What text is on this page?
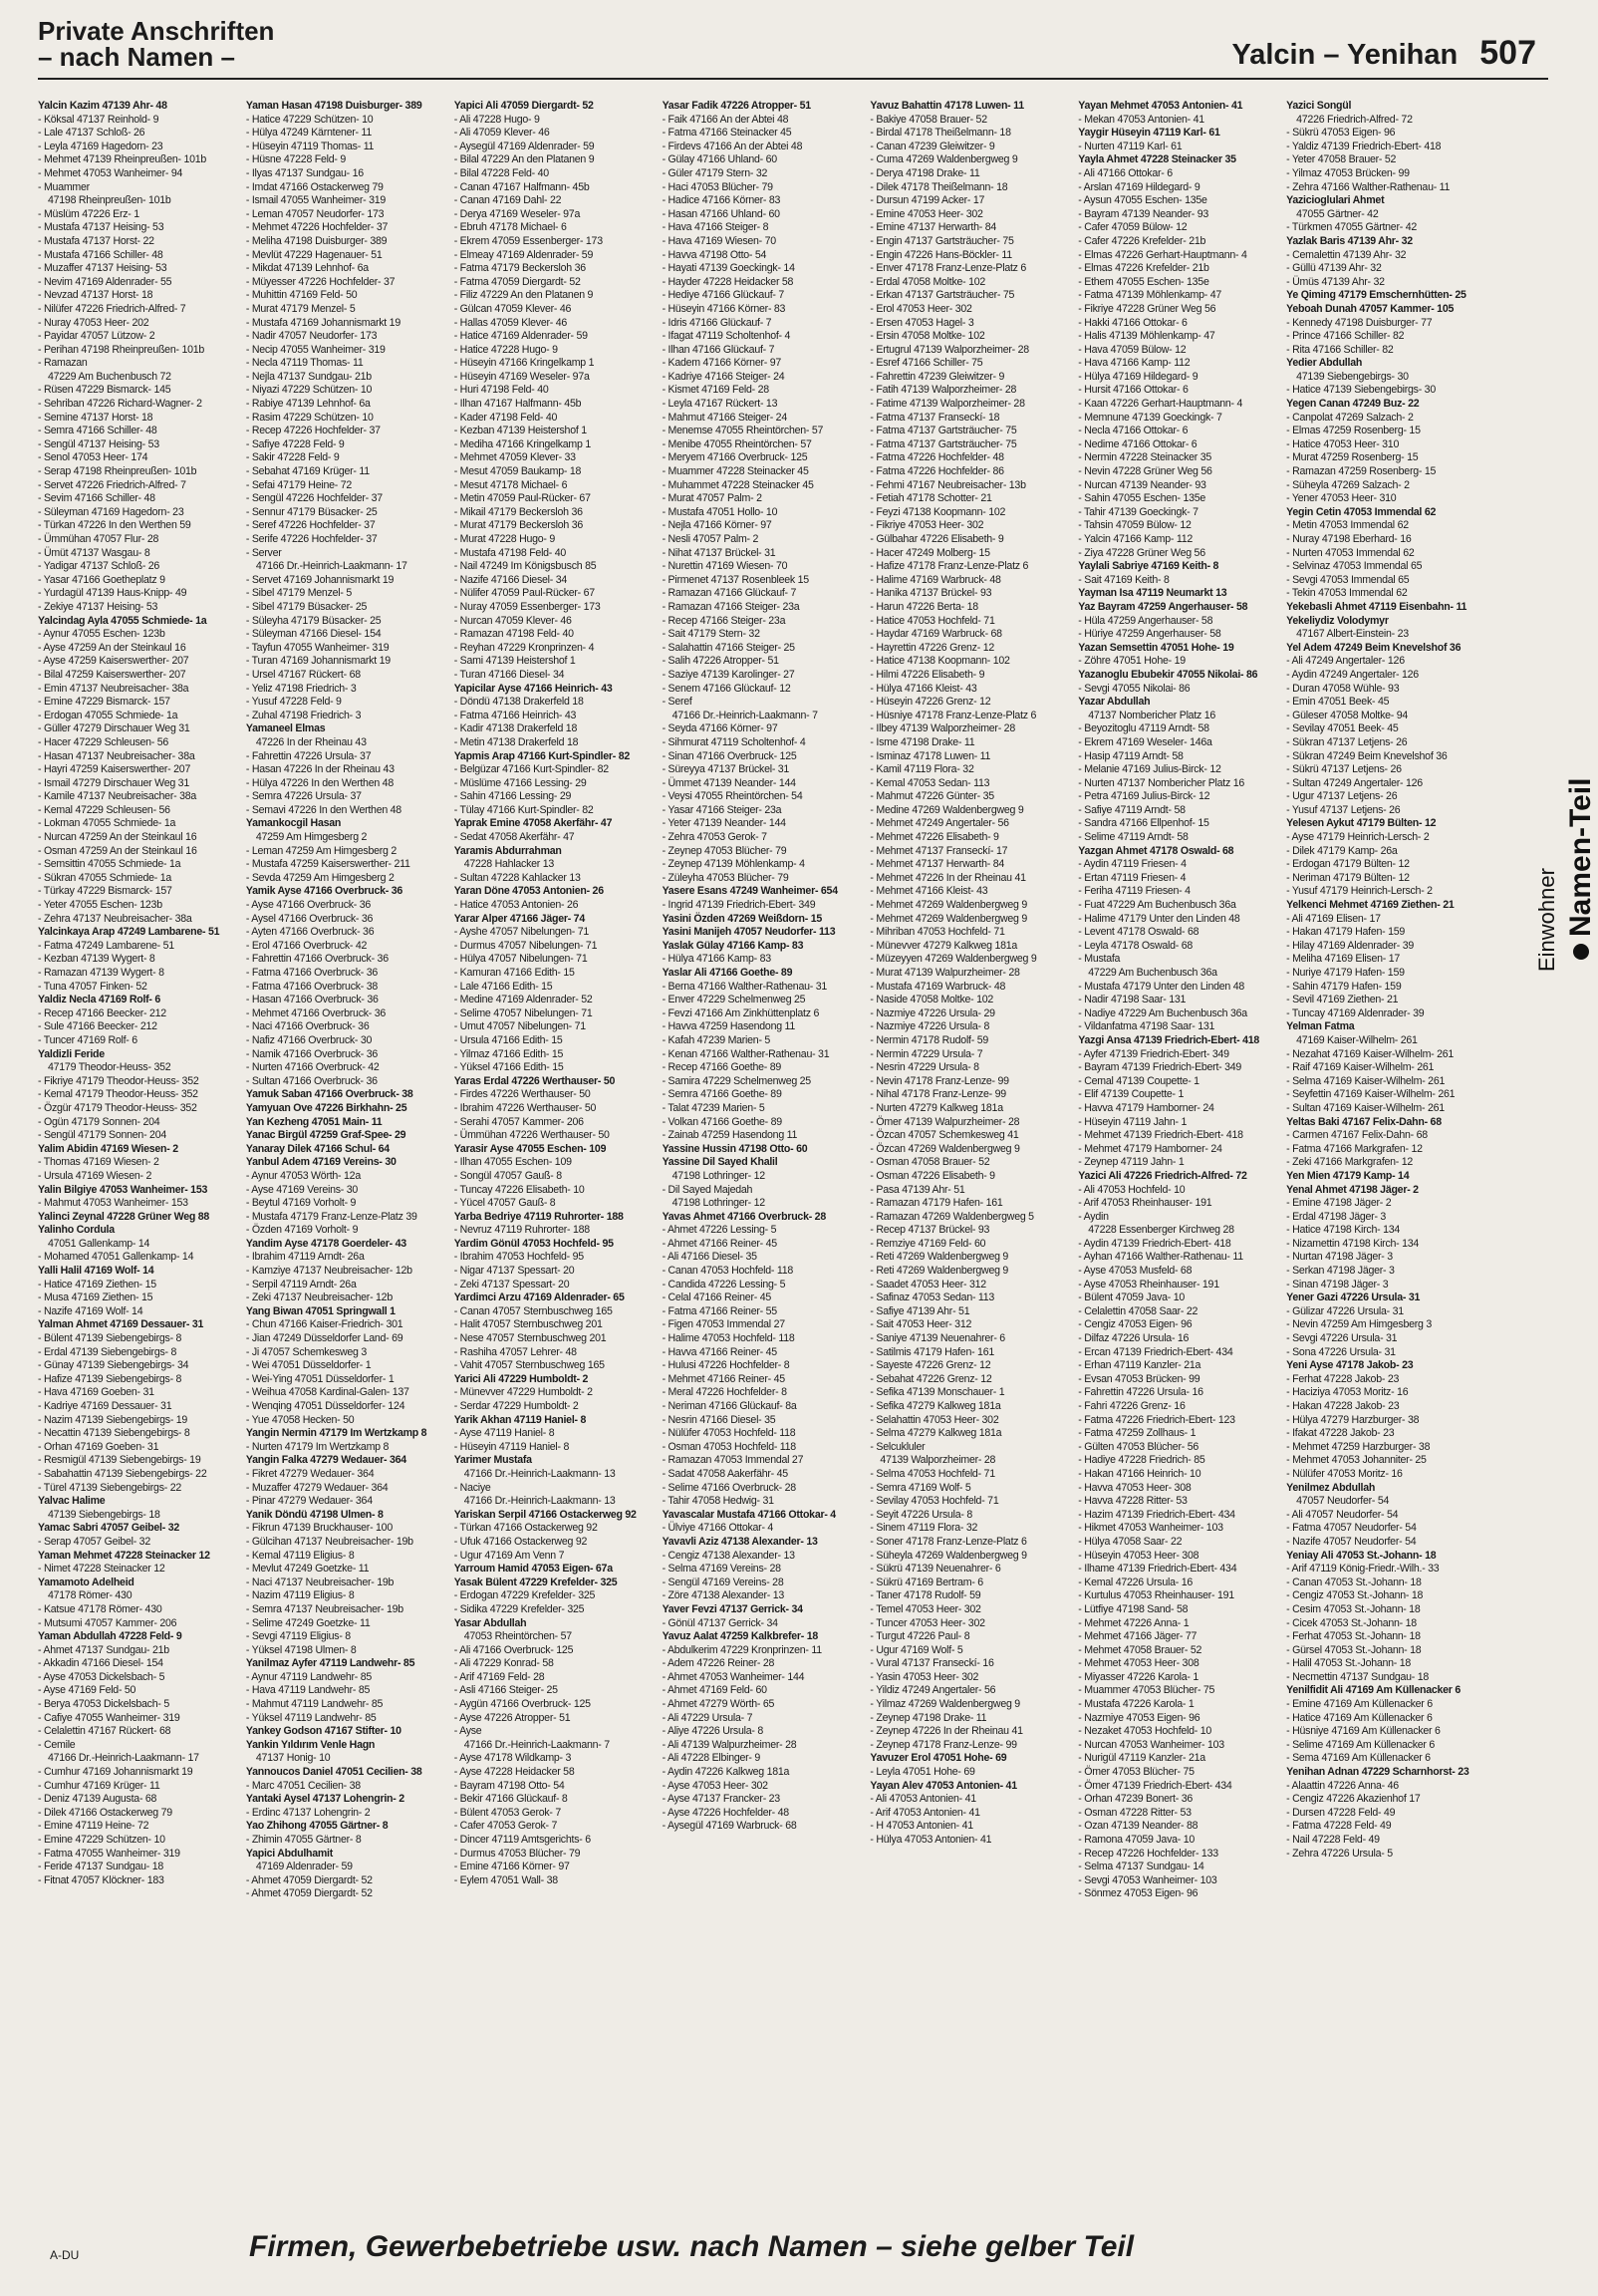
Private Anschriften
– nach Namen –	Yalcin – Yenihan 507
Yalcin Kazim 47139 Ahr- 48
- Köksal 47137 Reinhold- 9
- Lale 47137 Schloß- 26
- Leyla 47169 Hagedorn- 23
- Mehmet 47139 Rheinpreußen- 101b
- Mehmet 47053 Wanheimer- 94
- Muammer
47198 Rheinpreußen- 101b
- Müslüm 47226 Erz- 1
- Mustafa 47137 Heising- 53
- Mustafa 47137 Horst- 22
- Mustafa 47166 Schiller- 48
- Muzaffer 47137 Heising- 53
- Nevim 47169 Aldenrader- 55
- Nevzad 47137 Horst- 18
- Nilüfer 47226 Friedrich-Alfred- 7
- Nuray 47053 Heer- 202
- Payidar 47057 Lützow- 2
- Perihan 47198 Rheinpreußen- 101b
- Ramazan
47229 Am Buchenbusch 72
- Rüsen 47229 Bismarck- 145
- Sehriban 47226 Richard-Wagner- 2
- Semine 47137 Horst- 18
- Semra 47166 Schiller- 48
- Sengül 47137 Heising- 53
- Senol 47053 Heer- 174
- Serap 47198 Rheinpreußen- 101b
- Servet 47226 Friedrich-Alfred- 7
- Sevim 47166 Schiller- 48
- Süleyman 47169 Hagedorn- 23
- Türkan 47226 In den Werthen 59
- Ümmühan 47057 Flur- 28
- Ümüt 47137 Wasgau- 8
- Yadigar 47137 Schloß- 26
- Yasar 47166 Goetheplatz 9
- Yurdagül 47139 Haus-Knipp- 49
- Zekiye 47137 Heising- 53
Yalcindag Ayla 47055 Schmiede- 1a
- Aynur 47055 Eschen- 123b
- Ayse 47259 An der Steinkaul 16
- Ayse 47259 Kaiserswerther- 207
- Bilal 47259 Kaiserswerther- 207
- Emin 47137 Neubreisacher- 38a
- Emine 47229 Bismarck- 157
- Erdogan 47055 Schmiede- 1a
- Güller 47279 Dirschauer Weg 31
- Hacer 47229 Schleusen- 56
- Hasan 47137 Neubreisacher- 38a
- Hayri 47259 Kaiserswerther- 207
- Ismail 47279 Dirschauer Weg 31
- Kamile 47137 Neubreisacher- 38a
- Kemal 47229 Schleusen- 56
- Lokman 47055 Schmiede- 1a
- Nurcan 47259 An der Steinkaul 16
- Osman 47259 An der Steinkaul 16
- Semsittin 47055 Schmiede- 1a
- Sükran 47055 Schmiede- 1a
- Türkay 47229 Bismarck- 157
- Yeter 47055 Eschen- 123b
- Zehra 47137 Neubreisacher- 38a
Yalcinkaya Arap 47249 Lambarene- 51
- Fatma 47249 Lambarene- 51
- Kezban 47139 Wygert- 8
- Ramazan 47139 Wygert- 8
- Tuna 47057 Finken- 52
Yaldiz Necla 47169 Rolf- 6
- Recep 47166 Beecker- 212
- Sule 47166 Beecker- 212
- Tuncer 47169 Rolf- 6
Yaldizli Feride
47179 Theodor-Heuss- 352
- Fikriye 47179 Theodor-Heuss- 352
- Kemal 47179 Theodor-Heuss- 352
- Özgür 47179 Theodor-Heuss- 352
- Ogün 47179 Sonnen- 204
- Sengül 47179 Sonnen- 204
Yalim Abidin 47169 Wiesen- 2
- Thomas 47169 Wiesen- 2
- Ursula 47169 Wiesen- 2
Yalin Bilgiye 47053 Wanheimer- 153
- Mahmut 47053 Wanheimer- 153
Yalinci Zeynal 47228 Grüner Weg 88
Yalinho Cordula
47051 Gallenkamp- 14
- Mohamed 47051 Gallenkamp- 14
Yalli Halil 47169 Wolf- 14
- Hatice 47169 Ziethen- 15
- Musa 47169 Ziethen- 15
- Nazife 47169 Wolf- 14
Yalman Ahmet 47169 Dessauer- 31
- Bülent 47139 Siebengebirgs- 8
- Erdal 47139 Siebengebirgs- 8
- Günay 47139 Siebengebirgs- 34
- Hafize 47139 Siebengebirgs- 8
- Hava 47169 Goeben- 31
- Kadriye 47169 Dessauer- 31
- Nazim 47139 Siebengebirgs- 19
- Necattin 47139 Siebengebirgs- 8
- Orhan 47169 Goeben- 31
- Resmigül 47139 Siebengebirgs- 19
- Sabahattin 47139 Siebengebirgs- 22
- Türel 47139 Siebengebirgs- 22
Yalvac Halime
47139 Siebengebirgs- 18
Yamac Sabri 47057 Geibel- 32
- Serap 47057 Geibel- 32
Yaman Mehmet 47228 Steinacker 12
- Nimet 47228 Steinacker 12
Yamamoto Adelheid
47178 Römer- 430
- Katsue 47178 Römer- 430
- Mutsumi 47057 Kammer- 206
Yaman Abdullah 47228 Feld- 9
- Ahmet 47137 Sundgau- 21b
- Akkadin 47166 Diesel- 154
- Ayse 47053 Dickelsbach- 5
- Ayse 47169 Feld- 50
- Berya 47053 Dickelsbach- 5
- Cafiye 47055 Wanheimer- 319
- Celalettin 47167 Rückert- 68
- Cemile
47166 Dr.-Heinrich-Laakmann- 17
- Cumhur 47169 Johannismarkt 19
- Cumhur 47169 Krüger- 11
- Deniz 47139 Augusta- 68
- Dilek 47166 Ostackerweg 79
- Emine 47119 Heine- 72
- Emine 47229 Schützen- 10
- Fatma 47055 Wanheimer- 319
- Feride 47137 Sundgau- 18
- Fitnat 47057 Klöckner- 183
Yaman Hasan 47198 Duisburger- 389
- Hatice 47229 Schützen- 10
- Hülya 47249 Kärntener- 11
- Hüseyin 47119 Thomas- 11
- Hüsne 47228 Feld- 9
- Ilyas 47137 Sundgau- 16
- Imdat 47166 Ostackerweg 79
- Ismail 47055 Wanheimer- 319
- Leman 47057 Neudorfer- 173
- Mehmet 47226 Hochfelder- 37
- Meliha 47198 Duisburger- 389
- Mevlüt 47229 Hagenauer- 51
- Mikdat 47139 Lehnhof- 6a
- Müyesser 47226 Hochfelder- 37
- Muhittin 47169 Feld- 50
- Murat 47179 Menzel- 5
- Mustafa 47169 Johannismarkt 19
- Nadir 47057 Neudorfer- 173
- Necip 47055 Wanheimer- 319
- Necla 47119 Thomas- 11
- Nejla 47137 Sundgau- 21b
- Niyazi 47229 Schützen- 10
- Rabiye 47139 Lehnhof- 6a
- Rasim 47229 Schützen- 10
- Recep 47226 Hochfelder- 37
- Safiye 47228 Feld- 9
- Sakir 47228 Feld- 9
- Sebahat 47169 Krüger- 11
- Sefai 47179 Heine- 72
- Sengül 47226 Hochfelder- 37
- Sennur 47179 Büsacker- 25
- Seref 47226 Hochfelder- 37
- Serife 47226 Hochfelder- 37
- Server
47166 Dr.-Heinrich-Laakmann- 17
- Servet 47169 Johannismarkt 19
- Sibel 47179 Menzel- 5
- Sibel 47179 Büsacker- 25
- Süleyha 47179 Büsacker- 25
- Süleyman 47166 Diesel- 154
- Tayfun 47055 Wanheimer- 319
- Turan 47169 Johannismarkt 19
- Ursel 47167 Rückert- 68
- Yeliz 47198 Friedrich- 3
- Yusuf 47228 Feld- 9
- Zuhal 47198 Friedrich- 3
Yamaneel Elmas
47226 In der Rheinau 43
- Fahrettin 47226 Ursula- 37
- Hasan 47226 In der Rheinau 43
- Hülya 47226 In den Werthen 48
- Semra 47226 Ursula- 37
- Semavi 47226 In den Werthen 48
Yamankocgil Hasan
47259 Am Himgesberg 2
- Leman 47259 Am Himgesberg 2
- Mustafa 47259 Kaiserswerther- 211
- Sevda 47259 Am Himgesberg 2
Yamik Ayse 47166 Overbruck- 36
- Ayse 47166 Overbruck- 36
- Aysel 47166 Overbruck- 36
- Ayten 47166 Overbruck- 36
- Erol 47166 Overbruck- 42
- Fahrettin 47166 Overbruck- 36
- Fatma 47166 Overbruck- 36
- Fatma 47166 Overbruck- 38
- Hasan 47166 Overbruck- 36
- Mehmet 47166 Overbruck- 36
- Naci 47166 Overbruck- 36
- Nafiz 47166 Overbruck- 30
- Namik 47166 Overbruck- 36
- Nurten 47166 Overbruck- 42
- Sultan 47166 Overbruck- 36
Yamuk Saban 47166 Overbruck- 38
Yamyuan Ove 47226 Birkhahn- 25
Yan Kezheng 47051 Main- 11
Yanac Birgül 47259 Graf-Spee- 29
Yanaray Dilek 47166 Schul- 64
Yanbul Adem 47169 Vereins- 30
- Aynur 47053 Wörth- 12a
- Ayse 47169 Vereins- 30
- Beytul 47169 Vorholt- 9
- Mustafa 47179 Franz-Lenze-Platz 39
- Özden 47169 Vorholt- 9
Yandim Ayse 47178 Goerdeler- 43
- Ibrahim 47119 Arndt- 26a
- Kamziye 47137 Neubreisacher- 12b
- Serpil 47119 Arndt- 26a
- Zeki 47137 Neubreisacher- 12b
Yang Biwan 47051 Springwall 1
- Chun 47166 Kaiser-Friedrich- 301
- Jian 47249 Düsseldorfer Land- 69
- Ji 47057 Schemkesweg 3
- Wei 47051 Düsseldorfer- 1
- Wei-Ying 47051 Düsseldorfer- 1
- Weihua 47058 Kardinal-Galen- 137
- Wenqing 47051 Düsseldorfer- 124
- Yue 47058 Hecken- 50
Yangin Nermin 47179 Im Wertzkamp 8
- Nurten 47179 Im Wertzkamp 8
Yangin Falka 47279 Wedauer- 364
- Fikret 47279 Wedauer- 364
- Muzaffer 47279 Wedauer- 364
- Pinar 47279 Wedauer- 364
Yanik Döndü 47198 Ulmen- 8
- Fikrun 47139 Bruckhauser- 100
- Gülcihan 47137 Neubreisacher- 19b
- Kemal 47119 Eligius- 8
- Mevlut 47249 Goetzke- 11
- Naci 47137 Neubreisacher- 19b
- Nazim 47119 Eligius- 8
- Semra 47137 Neubreisacher- 19b
- Selime 47249 Goetzke- 11
- Sevgi 47119 Eligius- 8
- Yüksel 47198 Ulmen- 8
Yanilmaz Ayfer 47119 Landwehr- 85
- Aynur 47119 Landwehr- 85
- Hava 47119 Landwehr- 85
- Mahmut 47119 Landwehr- 85
- Yüksel 47119 Landwehr- 85
Yankey Godson 47167 Stifter- 10
Yankin Yıldırım Venle Hagn
47137 Honig- 10
Yannoucos Daniel 47051 Cecilien- 38
- Marc 47051 Cecilien- 38
Yantaki Aysel 47137 Lohengrin- 2
- Erdinc 47137 Lohengrin- 2
Yao Zhihong 47055 Gärtner- 8
- Zhimin 47055 Gärtner- 8
Yapici Abdulhamit
47169 Aldenrader- 59
- Ahmet 47059 Diergardt- 52
- Ahmet 47059 Diergardt- 52
Yapici Ali 47059 Diergardt- 52
- Ali 47228 Hugo- 9
- Ali 47059 Klever- 46
- Aysegül 47169 Aldenrader- 59
- Bilal 47229 An den Platanen 9
- Bilal 47228 Feld- 40
- Canan 47167 Halfmann- 45b
- Canan 47169 Dahl- 22
- Derya 47169 Weseler- 97a
- Ebruh 47178 Michael- 6
- Ekrem 47059 Essenberger- 173
- Elmeay 47169 Aldenrader- 59
- Fatma 47179 Beckersloh 36
- Fatma 47059 Diergardt- 52
- Filiz 47229 An den Platanen 9
- Gülcan 47059 Klever- 46
- Hallas 47059 Klever- 46
- Hatice 47169 Aldenrader- 59
- Hatice 47228 Hugo- 9
- Hüseyin 47166 Kringelkamp 1
- Hüseyin 47169 Weseler- 97a
- Huri 47198 Feld- 40
- Ilhan 47167 Halfmann- 45b
- Kader 47198 Feld- 40
- Kezban 47139 Heistershof 1
- Mediha 47166 Kringelkamp 1
- Mehmet 47059 Klever- 33
- Mesut 47059 Baukamp- 18
- Mesut 47178 Michael- 6
- Metin 47059 Paul-Rücker- 67
- Mikail 47179 Beckersloh 36
- Murat 47179 Beckersloh 36
- Murat 47228 Hugo- 9
- Mustafa 47198 Feld- 40
- Nail 47249 Im Königsbusch 85
- Nazife 47166 Diesel- 34
- Nülifer 47059 Paul-Rücker- 67
- Nuray 47059 Essenberger- 173
- Nurcan 47059 Klever- 46
- Ramazan 47198 Feld- 40
- Reyhan 47229 Kronprinzen- 4
- Sami 47139 Heistershof 1
- Turan 47166 Diesel- 34
Yapicilar Ayse 47166 Heinrich- 43
- Döndü 47138 Drakerfeld 18
- Fatma 47166 Heinrich- 43
- Kadir 47138 Drakerfeld 18
- Metin 47138 Drakerfeld 18
Yapmis Arap 47166 Kurt-Spindler- 82
- Belgüzar 47166 Kurt-Spindler- 82
- Müslüme 47166 Lessing- 29
- Sahin 47166 Lessing- 29
- Tülay 47166 Kurt-Spindler- 82
Yaprak Emine 47058 Akerfähr- 47
- Sedat 47058 Akerfähr- 47
Yaramis Abdurrahman
47228 Hahlacker 13
- Sultan 47228 Kahlacker 13
Yaran Döne 47053 Antonien- 26
- Hatice 47053 Antonien- 26
Yarar Alper 47166 Jäger- 74
- Ayshe 47057 Nibelungen- 71
- Durmus 47057 Nibelungen- 71
- Hülya 47057 Nibelungen- 71
- Kamuran 47166 Edith- 15
- Lale 47166 Edith- 15
- Medine 47169 Aldenrader- 52
- Selime 47057 Nibelungen- 71
- Umut 47057 Nibelungen- 71
- Ursula 47166 Edith- 15
- Yilmaz 47166 Edith- 15
- Yüksel 47166 Edith- 15
Yaras Erdal 47226 Werthauser- 50
- Firdes 47226 Werthauser- 50
- Ibrahim 47226 Werthauser- 50
- Serahi 47057 Kammer- 206
- Ümmühan 47226 Werthauser- 50
Yarasir Ayse 47055 Eschen- 109
- Ilhan 47055 Eschen- 109
- Songül 47057 Gauß- 8
- Tuncay 47226 Elisabeth- 10
- Yücel 47057 Gauß- 8
Yarba Bedriye 47119 Ruhrorter- 188
- Nevruz 47119 Ruhrorter- 188
Yardim Gönül 47053 Hochfeld- 95
- Ibrahim 47053 Hochfeld- 95
- Nigar 47137 Spessart- 20
- Zeki 47137 Spessart- 20
Yardimci Arzu 47169 Aldenrader- 65
- Canan 47057 Sternbuschweg 165
- Halit 47057 Sternbuschweg 201
- Nese 47057 Sternbuschweg 201
- Rashiha 47057 Lehrer- 48
- Vahit 47057 Sternbuschweg 165
Yarici Ali 47229 Humboldt- 2
- Münevver 47229 Humboldt- 2
- Serdar 47229 Humboldt- 2
Yarik Akhan 47119 Haniel- 8
- Ayse 47119 Haniel- 8
- Hüseyin 47119 Haniel- 8
Yarimer Mustafa
47166 Dr.-Heinrich-Laakmann- 13
- Naciye
47166 Dr.-Heinrich-Laakmann- 13
Yariskan Serpil 47166 Ostackerweg 92
- Türkan 47166 Ostackerweg 92
- Ufuk 47166 Ostackerweg 92
- Ugur 47169 Am Venn 7
Yarroum Hamid 47053 Eigen- 67a
Yasak Bülent 47229 Krefelder- 325
- Erdogan 47229 Krefelder- 325
- Sidika 47229 Krefelder- 325
Yasar Abdullah
47053 Rheintörchen- 57
- Ali 47166 Overbruck- 125
- Ali 47229 Konrad- 58
- Arif 47169 Feld- 28
- Asli 47166 Steiger- 25
- Aygün 47166 Overbruck- 125
- Ayse 47226 Atropper- 51
- Ayse
47166 Dr.-Heinrich-Laakmann- 7
- Ayse 47178 Wildkamp- 3
- Ayse 47228 Heidacker 58
- Bayram 47198 Otto- 54
- Bekir 47166 Glückauf- 8
- Bülent 47053 Gerok- 7
- Cafer 47053 Gerok- 7
- Dincer 47119 Amtsgerichts- 6
- Durmus 47053 Blücher- 79
- Emine 47166 Körner- 97
- Eylem 47051 Wall- 38
Yasar Fadik 47226 Atropper- 51
- Faik 47166 An der Abtei 48
- Fatma 47166 Steinacker 45
- Firdevs 47166 An der Abtei 48
- Gülay 47166 Uhland- 60
- Güler 47179 Stern- 32
- Haci 47053 Blücher- 79
- Hadice 47166 Körner- 83
- Hasan 47166 Uhland- 60
- Hava 47166 Steiger- 8
- Hava 47169 Wiesen- 70
- Havva 47198 Otto- 54
- Hayati 47139 Goeckingk- 14
- Hayder 47228 Heidacker 58
- Hediye 47166 Glückauf- 7
- Hüseyin 47166 Körner- 83
- Idris 47166 Glückauf- 7
- Ifagat 47119 Scholtenhof- 4
- Ilhan 47166 Glückauf- 7
- Kadem 47166 Körner- 97
- Kadriye 47166 Steiger- 24
- Kismet 47169 Feld- 28
- Leyla 47167 Rückert- 13
- Mahmut 47166 Steiger- 24
- Menemse 47055 Rheintörchen- 57
- Menibe 47055 Rheintörchen- 57
- Meryem 47166 Overbruck- 125
- Muammer 47228 Steinacker 45
- Muhammet 47228 Steinacker 45
- Murat 47057 Palm- 2
- Mustafa 47051 Hollo- 10
- Nejla 47166 Körner- 97
- Nesli 47057 Palm- 2
- Nihat 47137 Brückel- 31
- Nurettin 47169 Wiesen- 70
- Pirmenet 47137 Rosenbleek 15
- Ramazan 47166 Glückauf- 7
- Ramazan 47166 Steiger- 23a
- Recep 47166 Steiger- 23a
- Sait 47179 Stern- 32
- Salahattin 47166 Steiger- 25
- Salih 47226 Atropper- 51
- Saziye 47139 Karolinger- 27
- Senem 47166 Glückauf- 12
- Seref
47166 Dr.-Heinrich-Laakmann- 7
- Seyda 47166 Körner- 97
- Sihmurat 47119 Scholtenhof- 4
- Sinan 47166 Overbruck- 125
- Süreyya 47137 Brückel- 31
- Ümmet 47139 Neander- 144
- Veysi 47055 Rheintörchen- 54
- Yasar 47166 Steiger- 23a
- Yeter 47139 Neander- 144
- Zehra 47053 Gerok- 7
- Zeynep 47053 Blücher- 79
- Zeynep 47139 Möhlenkamp- 4
- Züleyha 47053 Blücher- 79
Yasere Esans 47249 Wanheimer- 654
- Ingrid 47139 Friedrich-Ebert- 349
Yasini Özden 47269 Weißdorn- 15
Yasini Manijeh 47057 Neudorfer- 113
Yaslak Gülay 47166 Kamp- 83
- Hülya 47166 Kamp- 83
Yaslar Ali 47166 Goethe- 89
- Berna 47166 Walther-Rathenau- 31
- Enver 47229 Schelmenweg 25
- Fevzi 47166 Am Zinkhüttenplatz 6
- Havva 47259 Hasendong 11
- Kafah 47239 Marien- 5
- Kenan 47166 Walther-Rathenau- 31
- Recep 47166 Goethe- 89
- Samira 47229 Schelmenweg 25
- Semra 47166 Goethe- 89
- Talat 47239 Marien- 5
- Volkan 47166 Goethe- 89
- Zainab 47259 Hasendong 11
Yassine Hussin 47198 Otto- 60
Yassine Dil Sayed Khalil
47198 Lothringer- 12
- Dil Sayed Majedah
47198 Lothringer- 12
Yavas Ahmet 47166 Overbruck- 28
- Ahmet 47226 Lessing- 5
- Ahmet 47166 Reiner- 45
- Ali 47166 Diesel- 35
- Canan 47053 Hochfeld- 118
- Candida 47226 Lessing- 5
- Celal 47166 Reiner- 45
- Fatma 47166 Reiner- 55
- Figen 47053 Immendal 27
- Halime 47053 Hochfeld- 118
- Havva 47166 Reiner- 45
- Hulusi 47226 Hochfelder- 8
- Mehmet 47166 Reiner- 45
- Meral 47226 Hochfelder- 8
- Neriman 47166 Glückauf- 8a
- Nesrin 47166 Diesel- 35
- Nülüfer 47053 Hochfeld- 118
- Osman 47053 Hochfeld- 118
- Ramazan 47053 Immendal 27
- Sadat 47058 Aakerfähr- 45
- Selime 47166 Overbruck- 28
- Tahir 47058 Hedwig- 31
Yavascalar Mustafa 47166 Ottokar- 4
- Ülviye 47166 Ottokar- 4
Yavavli Aziz 47138 Alexander- 13
- Cengiz 47138 Alexander- 13
- Selma 47169 Vereins- 28
- Sengül 47169 Vereins- 28
- Zöre 47138 Alexander- 13
Yaver Fevzi 47137 Gerrick- 34
- Gönül 47137 Gerrick- 34
Yavuz Aalat 47259 Kalkbrefer- 18
- Abdulkerim 47229 Kronprinzen- 11
- Adem 47226 Reiner- 28
- Ahmet 47053 Wanheimer- 144
- Ahmet 47169 Feld- 60
- Ahmet 47279 Wörth- 65
- Ali 47229 Ursula- 7
- Aliye 47226 Ursula- 8
- Ali 47139 Walpurzheimer- 28
- Ali 47228 Elbinger- 9
- Aydin 47226 Kalkweg 181a
- Ayse 47053 Heer- 302
- Ayse 47137 Francker- 23
- Ayse 47226 Hochfelder- 48
- Aysegül 47169 Warbruck- 68
Yavuz Bahattin 47178 Luwen- 11
- Bakiye 47058 Brauer- 52
- Birdal 47178 Theißelmann- 18
- Canan 47239 Gleiwitzer- 9
- Cuma 47269 Waldenbergweg 9
- Derya 47198 Drake- 11
- Dilek 47178 Theißelmann- 18
- Dursun 47199 Acker- 17
- Emine 47053 Heer- 302
- Emine 47137 Herwarth- 84
- Engin 47137 Gartsträucher- 75
- Engin 47226 Hans-Böckler- 11
- Enver 47178 Franz-Lenze-Platz 6
- Erdal 47058 Moltke- 102
- Erkan 47137 Gartsträucher- 75
- Erol 47053 Heer- 302
- Ersen 47053 Hagel- 3
- Ersin 47058 Moltke- 102
- Ertugrul 47139 Walporzheimer- 28
- Esref 47166 Schiller- 75
- Fahrettin 47239 Gleiwitzer- 9
- Fatih 47139 Walporzheimer- 28
- Fatime 47139 Walporzheimer- 28
- Fatma 47137 Franseckí- 18
- Fatma 47137 Gartsträucher- 75
- Fatma 47137 Gartsträucher- 75
- Fatma 47226 Hochfelder- 48
- Fatma 47226 Hochfelder- 86
- Fehmi 47167 Neubreisacher- 13b
- Fetiah 47178 Schotter- 21
- Feyzi 47138 Koopmann- 102
- Fikriye 47053 Heer- 302
- Gülbahar 47226 Elisabeth- 9
- Hacer 47249 Molberg- 15
- Hafize 47178 Franz-Lenze-Platz 6
- Halime 47169 Warbruck- 48
- Hanika 47137 Brückel- 93
- Harun 47226 Berta- 18
- Hatice 47053 Hochfeld- 71
- Haydar 47169 Warbruck- 68
- Hayrettin 47226 Grenz- 12
- Hatice 47138 Koopmann- 102
- Hilmi 47226 Elisabeth- 9
- Hülya 47166 Kleist- 43
- Hüseyin 47226 Grenz- 12
- Hüsniye 47178 Franz-Lenze-Platz 6
- Ilbey 47139 Walporzheimer- 28
- Isme 47198 Drake- 11
- Isminaz 47178 Luwen- 11
- Kamil 47119 Flora- 32
- Kemal 47053 Sedan- 113
- Mahmut 47226 Günter- 35
- Medine 47269 Waldenbergweg 9
- Mehmet 47249 Angertaler- 56
- Mehmet 47226 Elisabeth- 9
- Mehmet 47137 Franseckí- 17
- Mehmet 47137 Herwarth- 84
- Mehmet 47226 In der Rheinau 41
- Mehmet 47166 Kleist- 43
- Mehmet 47269 Waldenbergweg 9
- Mehmet 47269 Waldenbergweg 9
- Mihriban 47053 Hochfeld- 71
- Münevver 47279 Kalkweg 181a
- Müzeyyen 47269 Waldenbergweg 9
- Murat 47139 Walpurzheimer- 28
- Mustafa 47169 Warbruck- 48
- Naside 47058 Moltke- 102
- Nazmiye 47226 Ursula- 29
- Nazmiye 47226 Ursula- 8
- Nermin 47178 Rudolf- 59
- Nermin 47229 Ursula- 7
- Nesrin 47229 Ursula- 8
- Nevin 47178 Franz-Lenze- 99
- Nihal 47178 Franz-Lenze- 99
- Nurten 47279 Kalkweg 181a
- Ömer 47139 Walpurzheimer- 28
- Özcan 47057 Schemkesweg 41
- Özcan 47269 Waldenbergweg 9
- Osman 47058 Brauer- 52
- Osman 47226 Elisabeth- 9
- Pasa 47139 Ahr- 51
- Ramazan 47179 Hafen- 161
- Ramazan 47269 Waldenbergweg 5
- Recep 47137 Brückel- 93
- Remziye 47169 Feld- 60
- Reti 47269 Waldenbergweg 9
- Reti 47269 Waldenbergweg 9
- Saadet 47053 Heer- 312
- Safinaz 47053 Sedan- 113
- Safiye 47139 Ahr- 51
- Sait 47053 Heer- 312
- Saniye 47139 Neuenahrer- 6
- Satilmis 47179 Hafen- 161
- Sayeste 47226 Grenz- 12
- Sebahat 47226 Grenz- 12
- Sefika 47139 Monschauer- 1
- Sefika 47279 Kalkweg 181a
- Selahattin 47053 Heer- 302
- Selma 47279 Kalkweg 181a
- Selcukluler
47139 Walporzheimer- 28
- Selma 47053 Hochfeld- 71
- Semra 47169 Wolf- 5
- Sevilay 47053 Hochfeld- 71
- Seyit 47226 Ursula- 8
- Sinem 47119 Flora- 32
- Soner 47178 Franz-Lenze-Platz 6
- Süheyla 47269 Waldenbergweg 9
- Sükrü 47139 Neuenahrer- 6
- Sükrü 47169 Bertram- 6
- Taner 47178 Rudolf- 59
- Temel 47053 Heer- 302
- Tuncer 47053 Heer- 302
- Turgut 47226 Paul- 8
- Ugur 47169 Wolf- 5
- Vural 47137 Franseckí- 16
- Yasin 47053 Heer- 302
- Yildiz 47249 Angertaler- 56
- Yilmaz 47269 Waldenbergweg 9
- Zeynep 47198 Drake- 11
- Zeynep 47226 In der Rheinau 41
- Zeynep 47178 Franz-Lenze- 99
Yavuzer Erol 47051 Hohe- 69
- Leyla 47051 Hohe- 69
Yayan Alev 47053 Antonien- 41
- Ali 47053 Antonien- 41
- Arif 47053 Antonien- 41
- H 47053 Antonien- 41
- Hülya 47053 Antonien- 41
Yayan Mehmet 47053 Antonien- 41
- Mekan 47053 Antonien- 41
Yaygir Hüseyin 47119 Karl- 61
- Nurten 47119 Karl- 61
Yayla Ahmet 47228 Steinacker 35
- Ali 47166 Ottokar- 6
- Arslan 47169 Hildegard- 9
- Aysun 47055 Eschen- 135e
- Bayram 47139 Neander- 93
- Cafer 47059 Bülow- 12
- Cafer 47226 Krefelder- 21b
- Elmas 47226 Gerhart-Hauptmann- 4
- Elmas 47226 Krefelder- 21b
- Ethem 47055 Eschen- 135e
- Fatma 47139 Möhlenkamp- 47
- Fikriye 47228 Grüner Weg 56
- Hakki 47166 Ottokar- 6
- Halis 47139 Möhlenkamp- 47
- Hava 47059 Bülow- 12
- Hava 47166 Kamp- 112
- Hülya 47169 Hildegard- 9
- Hursit 47166 Ottokar- 6
- Kaan 47226 Gerhart-Hauptmann- 4
- Memnune 47139 Goeckingk- 7
- Necla 47166 Ottokar- 6
- Nedime 47166 Ottokar- 6
- Nermin 47228 Steinacker 35
- Nevin 47228 Grüner Weg 56
- Nurcan 47139 Neander- 93
- Sahin 47055 Eschen- 135e
- Tahir 47139 Goeckingk- 7
- Tahsin 47059 Bülow- 12
- Yalcin 47166 Kamp- 112
- Ziya 47228 Grüner Weg 56
Yaylali Sabriye 47169 Keith- 8
- Sait 47169 Keith- 8
Yayman Isa 47119 Neumarkt 13
Yaz Bayram 47259 Angerhauser- 58
- Hüla 47259 Angerhauser- 58
- Hüriye 47259 Angerhauser- 58
Yazan Semsettin 47051 Hohe- 19
- Zöhre 47051 Hohe- 19
Yazanoglu Ebubekir 47055 Nikolai- 86
- Sevgi 47055 Nikolai- 86
Yazar Abdullah
47137 Nombericher Platz 16
- Beyozitoglu 47119 Arndt- 58
- Ekrem 47169 Weseler- 146a
- Hasip 47119 Arndt- 58
- Melanie 47169 Julius-Birck- 12
- Nurten 47137 Nombericher Platz 16
- Petra 47169 Julius-Birck- 12
- Safiye 47119 Arndt- 58
- Sandra 47166 Ellpenhof- 15
- Selime 47119 Arndt- 58
Yazgan Ahmet 47178 Oswald- 68
- Aydin 47119 Friesen- 4
- Ertan 47119 Friesen- 4
- Feriha 47119 Friesen- 4
- Fuat 47229 Am Buchenbusch 36a
- Halime 47179 Unter den Linden 48
- Levent 47178 Oswald- 68
- Leyla 47178 Oswald- 68
- Mustafa
47229 Am Buchenbusch 36a
- Mustafa 47179 Unter den Linden 48
- Nadir 47198 Saar- 131
- Nadiye 47229 Am Buchenbusch 36a
- Vildanfatma 47198 Saar- 131
Yazgi Ansa 47139 Friedrich-Ebert- 418
- Ayfer 47139 Friedrich-Ebert- 349
- Bayram 47139 Friedrich-Ebert- 349
- Cemal 47139 Coupette- 1
- Elif 47139 Coupette- 1
- Havva 47179 Hamborner- 24
- Hüseyin 47119 Jahn- 1
- Mehmet 47139 Friedrich-Ebert- 418
- Mehmet 47179 Hamborner- 24
- Zeynep 47119 Jahn- 1
Yazici Ali 47226 Friedrich-Alfred- 72
- Ali 47053 Hochfeld- 10
- Arif 47053 Rheinhauser- 191
- Aydin
47228 Essenberger Kirchweg 28
- Aydin 47139 Friedrich-Ebert- 418
- Ayhan 47166 Walther-Rathenau- 11
- Ayse 47053 Musfeld- 68
- Ayse 47053 Rheinhauser- 191
- Bülent 47059 Java- 10
- Celalettin 47058 Saar- 22
- Cengiz 47053 Eigen- 96
- Dilfaz 47226 Ursula- 16
- Ercan 47139 Friedrich-Ebert- 434
- Erhan 47119 Kanzler- 21a
- Evsan 47053 Brücken- 99
- Fahrettin 47226 Ursula- 16
- Fahri 47226 Grenz- 16
- Fatma 47226 Friedrich-Ebert- 123
- Fatma 47259 Zollhaus- 1
- Gülten 47053 Blücher- 56
- Hadiye 47228 Friedrich- 85
- Hakan 47166 Heinrich- 10
- Havva 47053 Heer- 308
- Havva 47228 Ritter- 53
- Hazim 47139 Friedrich-Ebert- 434
- Hikmet 47053 Wanheimer- 103
- Hülya 47058 Saar- 22
- Hüseyin 47053 Heer- 308
- Ilhame 47139 Friedrich-Ebert- 434
- Kemal 47226 Ursula- 16
- Kurtulus 47053 Rheinhauser- 191
- Lütfiye 47198 Sand- 58
- Mehmet 47226 Anna- 1
- Mehmet 47166 Jäger- 77
- Mehmet 47058 Brauer- 52
- Mehmet 47053 Heer- 308
- Miyasser 47226 Karola- 1
- Muammer 47053 Blücher- 75
- Mustafa 47226 Karola- 1
- Nazmiye 47053 Eigen- 96
- Nezaket 47053 Hochfeld- 10
- Nurcan 47053 Wanheimer- 103
- Nurigül 47119 Kanzler- 21a
- Ömer 47053 Blücher- 75
- Ömer 47139 Friedrich-Ebert- 434
- Orhan 47239 Bonert- 36
- Osman 47228 Ritter- 53
- Ozan 47139 Neander- 88
- Ramona 47059 Java- 10
- Recep 47226 Hochfelder- 133
- Selma 47137 Sundgau- 14
- Sevgi 47053 Wanheimer- 103
- Sönmez 47053 Eigen- 96
Yazici Songül
47226 Friedrich-Alfred- 72
- Sükrü 47053 Eigen- 96
- Yaldiz 47139 Friedrich-Ebert- 418
- Yeter 47058 Brauer- 52
- Yilmaz 47053 Brücken- 99
- Zehra 47166 Walther-Rathenau- 11
Yazicioglulari Ahmet
47055 Gärtner- 42
- Türkmen 47055 Gärtner- 42
Yazlak Baris 47139 Ahr- 32
- Cemalettin 47139 Ahr- 32
- Güllü 47139 Ahr- 32
- Ümüs 47139 Ahr- 32
Ye Qiming 47179 Emschernhütten- 25
Yeboah Dunah 47057 Kammer- 105
- Kennedy 47198 Duisburger- 77
- Prince 47166 Schiller- 82
- Rita 47166 Schiller- 82
Yedier Abdullah
47139 Siebengebirgs- 30
- Hatice 47139 Siebengebirgs- 30
Yegen Canan 47249 Buz- 22
- Canpolat 47269 Salzach- 2
- Elmas 47259 Rosenberg- 15
- Hatice 47053 Heer- 310
- Murat 47259 Rosenberg- 15
- Ramazan 47259 Rosenberg- 15
- Süheyla 47269 Salzach- 2
- Yener 47053 Heer- 310
Yegin Cetin 47053 Immendal 62
- Metin 47053 Immendal 62
- Nuray 47198 Eberhard- 16
- Nurten 47053 Immendal 62
- Selvinaz 47053 Immendal 65
- Sevgi 47053 Immendal 65
- Tekin 47053 Immendal 62
Yekebasli Ahmet 47119 Eisenbahn- 11
Yekeliydiz Volodymyr
47167 Albert-Einstein- 23
Yel Adem 47249 Beim Knevelshof 36
- Ali 47249 Angertaler- 126
- Aydin 47249 Angertaler- 126
- Duran 47058 Wühle- 93
- Emin 47051 Beek- 45
- Güleser 47058 Moltke- 94
- Sevilay 47051 Beek- 45
- Sükran 47137 Letjens- 26
- Sükran 47249 Beim Knevelshof 36
- Sükrü 47137 Letjens- 26
- Sultan 47249 Angertaler- 126
- Ugur 47137 Letjens- 26
- Yusuf 47137 Letjens- 26
Yelesen Aykut 47179 Bülten- 12
- Ayse 47179 Heinrich-Lersch- 2
- Dilek 47179 Kamp- 26a
- Erdogan 47179 Bülten- 12
- Neriman 47179 Bülten- 12
- Yusuf 47179 Heinrich-Lersch- 2
Yelkenci Mehmet 47169 Ziethen- 21
- Ali 47169 Elisen- 17
- Hakan 47179 Hafen- 159
- Hilay 47169 Aldenrader- 39
- Meliha 47169 Elisen- 17
- Nuriye 47179 Hafen- 159
- Sahin 47179 Hafen- 159
- Sevil 47169 Ziethen- 21
- Tuncay 47169 Aldenrader- 39
Yelman Fatma
47169 Kaiser-Wilhelm- 261
- Nezahat 47169 Kaiser-Wilhelm- 261
- Raif 47169 Kaiser-Wilhelm- 261
- Selma 47169 Kaiser-Wilhelm- 261
- Seyfettin 47169 Kaiser-Wilhelm- 261
- Sultan 47169 Kaiser-Wilhelm- 261
Yeltas Baki 47167 Felix-Dahn- 68
- Carmen 47167 Felix-Dahn- 68
- Fatma 47166 Markgrafen- 12
- Zeki 47166 Markgrafen- 12
Yen Mien 47179 Kamp- 14
Yenal Ahmet 47198 Jäger- 2
- Emine 47198 Jäger- 2
- Erdal 47198 Jäger- 3
- Hatice 47198 Kirch- 134
- Nizamettin 47198 Kirch- 134
- Nurtan 47198 Jäger- 3
- Serkan 47198 Jäger- 3
- Sinan 47198 Jäger- 3
Yener Gazi 47226 Ursula- 31
- Gülizar 47226 Ursula- 31
- Nevin 47259 Am Himgesberg 3
- Sevgi 47226 Ursula- 31
- Sona 47226 Ursula- 31
Yeni Ayse 47178 Jakob- 23
- Ferhat 47228 Jakob- 23
- Haciziya 47053 Moritz- 16
- Hakan 47228 Jakob- 23
- Hülya 47279 Harzburger- 38
- Ifakat 47228 Jakob- 23
- Mehmet 47259 Harzburger- 38
- Mehmet 47053 Johanniter- 25
- Nülüfer 47053 Moritz- 16
Yenilmez Abdullah
47057 Neudorfer- 54
- Ali 47057 Neudorfer- 54
- Fatma 47057 Neudorfer- 54
- Nazife 47057 Neudorfer- 54
Yeniay Ali 47053 St.-Johann- 18
- Arif 47119 König-Friedr.-Wilh.- 33
- Canan 47053 St.-Johann- 18
- Cengiz 47053 St.-Johann- 18
- Cesim 47053 St.-Johann- 18
- Cicek 47053 St.-Johann- 18
- Ferhat 47053 St.-Johann- 18
- Gürsel 47053 St.-Johann- 18
- Halil 47053 St.-Johann- 18
- Necmettin 47137 Sundgau- 18
Yenilfidit Ali 47169 Am Küllenacker 6
- Emine 47169 Am Küllenacker 6
- Hatice 47169 Am Küllenacker 6
- Hüsniye 47169 Am Küllenacker 6
- Selime 47169 Am Küllenacker 6
- Sema 47169 Am Küllenacker 6
Yenihan Adnan 47229 Scharnhorst- 23
- Alaattin 47226 Anna- 46
- Cengiz 47226 Akazienhof 17
- Dursen 47228 Feld- 49
- Fatma 47228 Feld- 49
- Nail 47228 Feld- 49
- Zehra 47226 Ursula- 5
Einwohner Namen-Teil
A-DU	Firmen, Gewerbebetriebe usw. nach Namen – siehe gelber Teil
